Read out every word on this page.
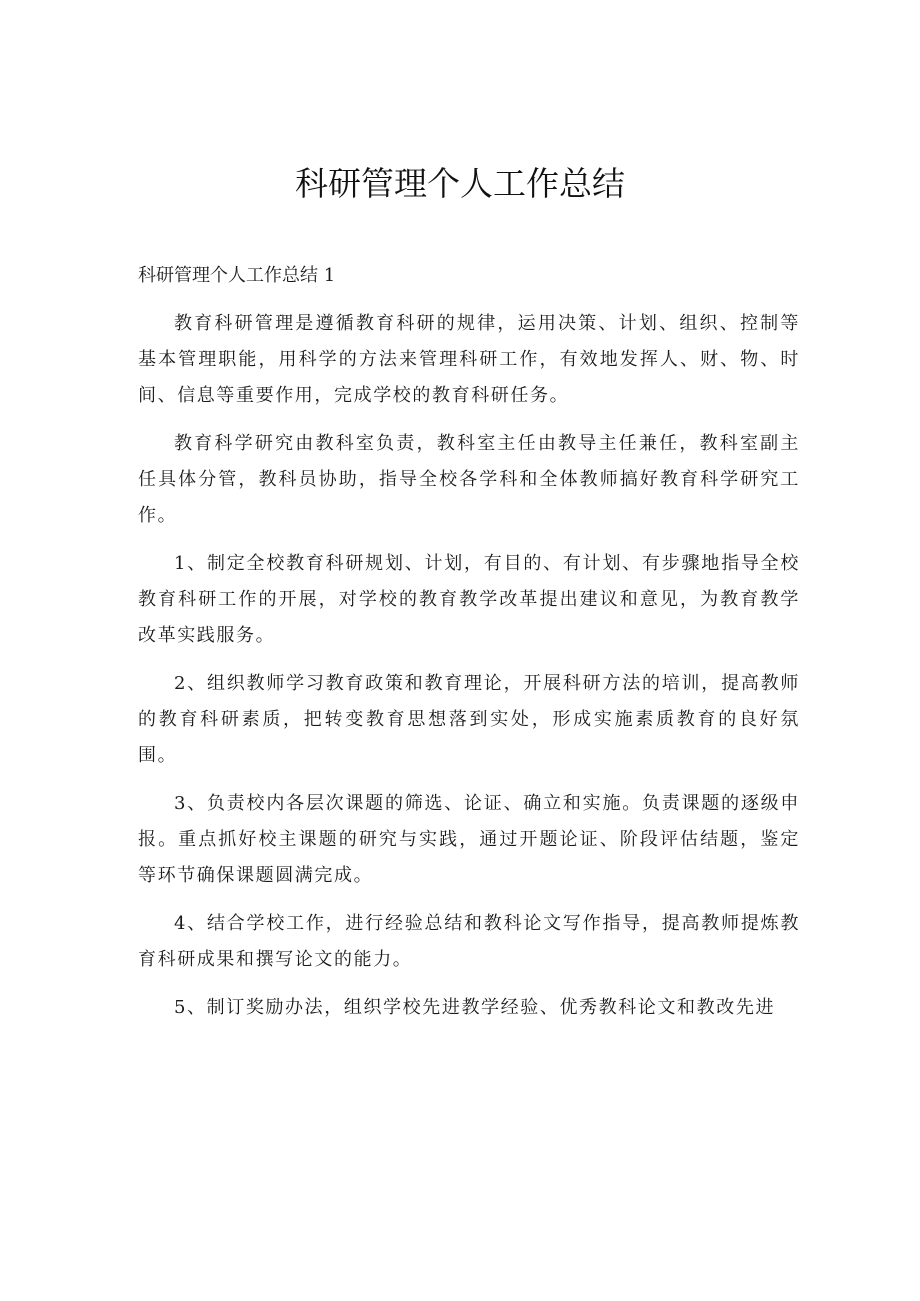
科研管理个人工作总结

科研管理个人工作总结 1

教育科研管理是遵循教育科研的规律，运用决策、计划、组织、控制等基本管理职能，用科学的方法来管理科研工作，有效地发挥人、财、物、时间、信息等重要作用，完成学校的教育科研任务。

教育科学研究由教科室负责，教科室主任由教导主任兼任，教科室副主任具体分管，教科员协助，指导全校各学科和全体教师搞好教育科学研究工作。

1、制定全校教育科研规划、计划，有目的、有计划、有步骤地指导全校教育科研工作的开展，对学校的教育教学改革提出建议和意见，为教育教学改革实践服务。

2、组织教师学习教育政策和教育理论，开展科研方法的培训，提高教师的教育科研素质，把转变教育思想落到实处，形成实施素质教育的良好氛围。

3、负责校内各层次课题的筛选、论证、确立和实施。负责课题的逐级申报。重点抓好校主课题的研究与实践，通过开题论证、阶段评估结题，鉴定等环节确保课题圆满完成。

4、结合学校工作，进行经验总结和教科论文写作指导，提高教师提炼教育科研成果和撰写论文的能力。

5、制订奖励办法，组织学校先进教学经验、优秀教科论文和教改先进
